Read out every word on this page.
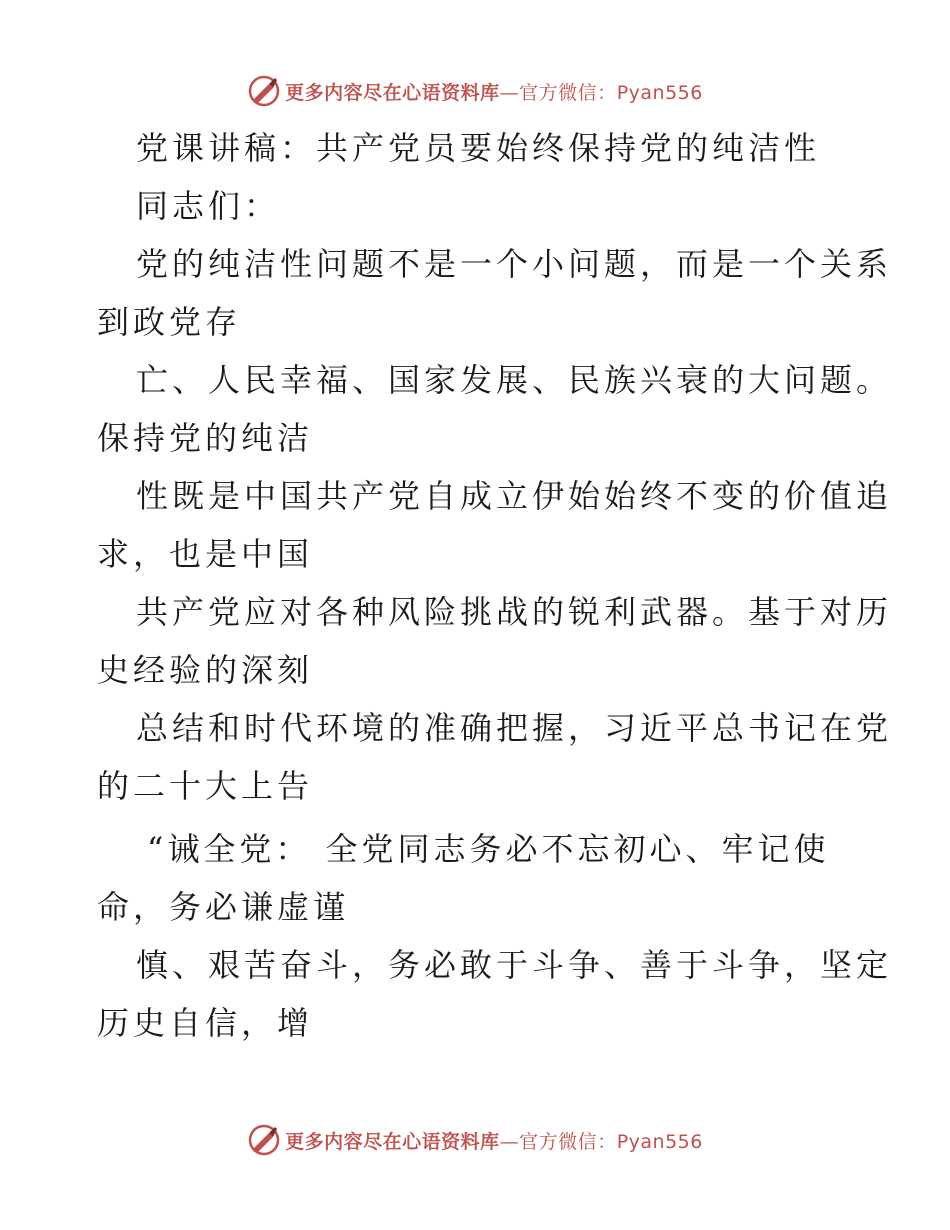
更多内容尽在心语资料库—官方微信：Pyan556
党课讲稿：共产党员要始终保持党的纯洁性
同志们：
党的纯洁性问题不是一个小问题，而是一个关系
到政党存
亡、人民幸福、国家发展、民族兴衰的大问题。
保持党的纯洁
性既是中国共产党自成立伊始始终不变的价值追
求，也是中国
共产党应对各种风险挑战的锐利武器。基于对历
史经验的深刻
总结和时代环境的准确把握，习近平总书记在党
的二十大上告
“诫全党： 全党同志务必不忘初心、牢记使
命，务必谦虚谨
慎、艰苦奋斗，务必敢于斗争、善于斗争，坚定
历史自信，增
更多内容尽在心语资料库—官方微信：Pyan556
